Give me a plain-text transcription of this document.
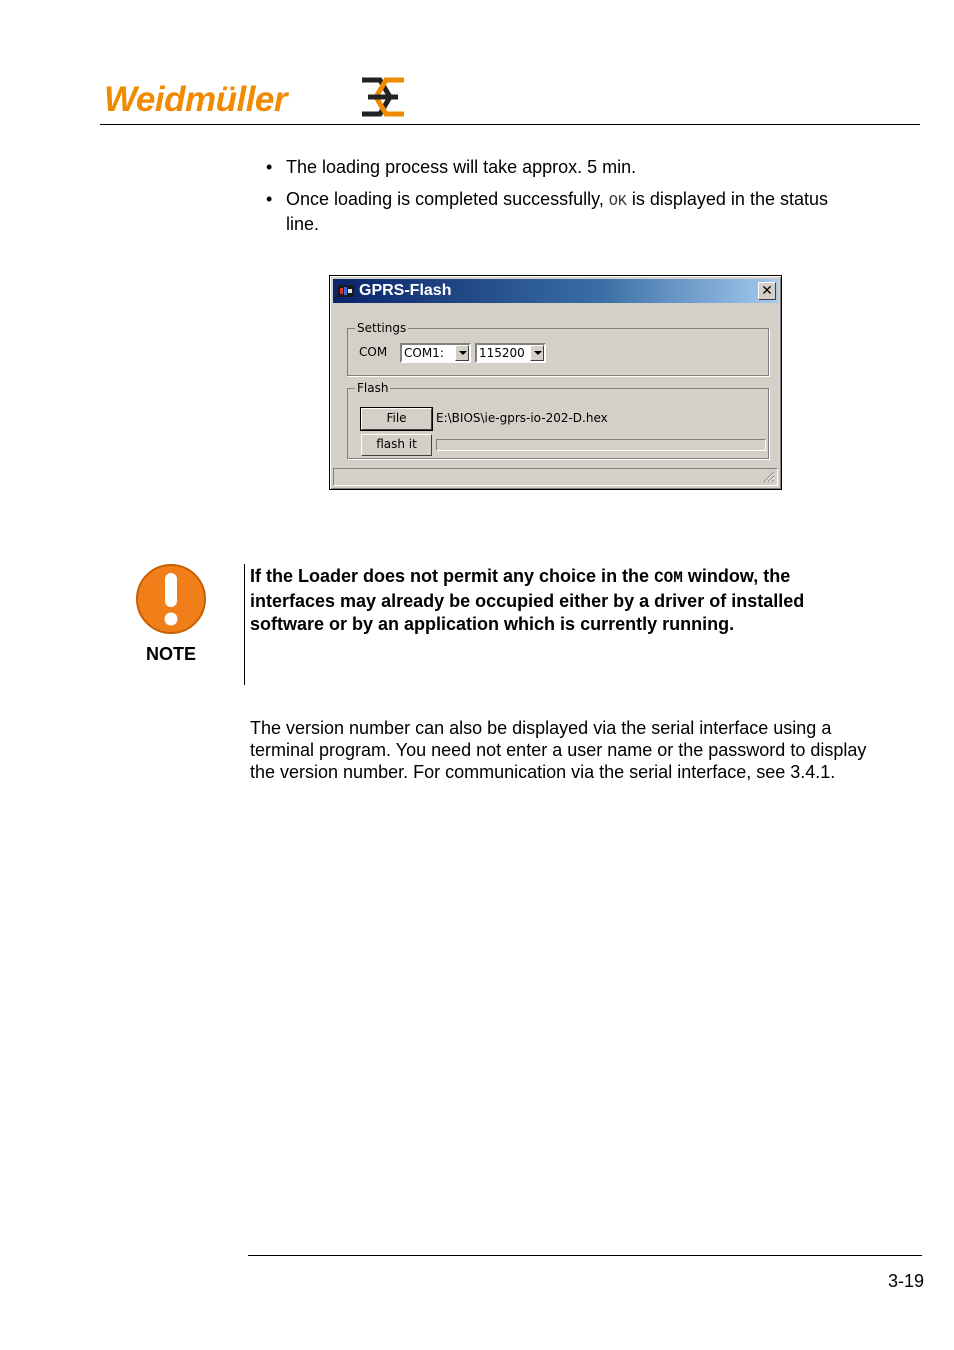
Weidmüller
• The loading process will take approx. 5 min.
• Once loading is completed successfully, OK is displayed in the status line.
GPRS-Flash	✕
Settings
COM COM1:	115200
Flash
File	E:\BIOS\ie-gprs-io-202-D.hex
flash it
NOTE
If the Loader does not permit any choice in the COM window, the interfaces may already be occupied either by a driver of installed software or by an application which is currently running.
The version number can also be displayed via the serial interface using a terminal program. You need not enter a user name or the password to display the version number. For communication via the serial interface, see 3.4.1.
3-19
